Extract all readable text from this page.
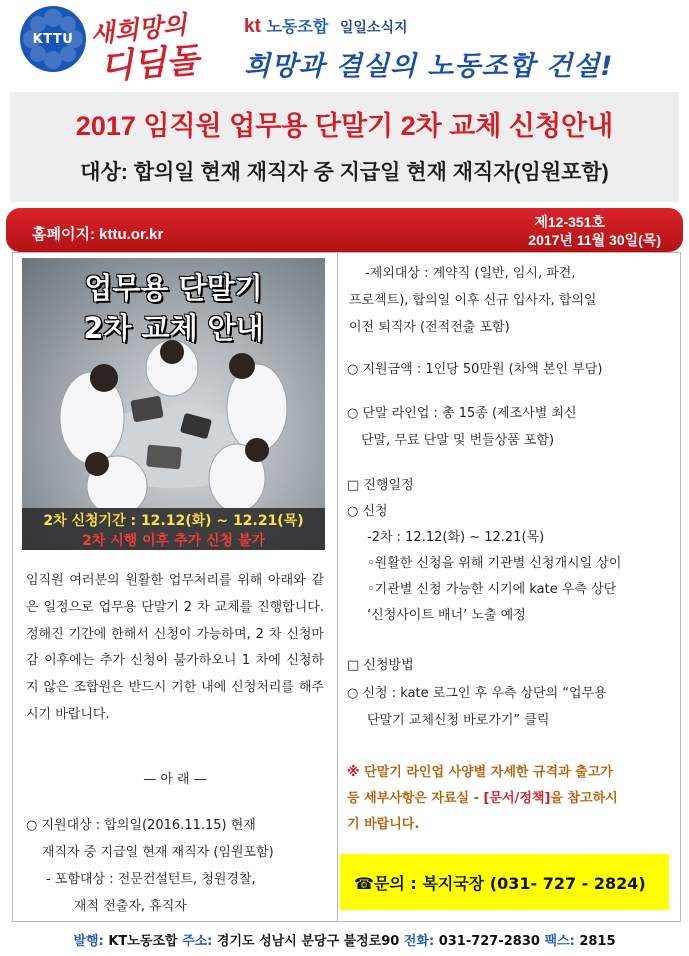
KTTU 새희망의
디딤돌
kt 노동조합 일일소식지
희망과 결실의 노동조합 건설!
2017 임직원 업무용 단말기 2차 교체 신청안내
대상: 합의일 현재 재직자 중 지급일 현재 재직자(임원포함)
홈페이지: kttu.or.kr
제12-351호
2017년 11월 30일(목)
업무용 단말기
2차 교체 안내
2차 신청기간 : 12.12(화) ~ 12.21(목)
2차 시행 이후 추가 신청 불가
임직원 여러분의 원활한 업무처리를 위해 아래와 같은 일정으로 업무용 단말기 2 차 교체를 진행합니다. 정해진 기간에 한해서 신청이 가능하며, 2 차 신청마감 이후에는 추가 신청이 불가하오니 1 차에 신청하지 않은 조합원은 반드시 기한 내에 신청처리를 해주시기 바랍니다.
— 아 래 —
○ 지원대상 : 합의일(2016.11.15) 현재
재직자 중 지급일 현재 재직자 (임원포함)
- 포함대상 : 전문컨설턴트, 청원경찰,
재적 전출자, 휴직자
-제외대상 : 계약직 (일반, 임시, 파견,
프로젝트), 합의일 이후 신규 입사자, 합의일
이전 퇴직자 (전적전출 포함)
○ 지원금액 : 1인당 50만원 (차액 본인 부담)
○ 단말 라인업 : 총 15종 (제조사별 최신
단말, 무료 단말 및 번들상품 포함)
□ 진행일정
○ 신청
-2차 : 12.12(화) ~ 12.21(목)
◦원활한 신청을 위해 기관별 신청개시일 상이
◦기관별 신청 가능한 시기에 kate 우측 상단
‘신청사이트 배너’ 노출 예정
□ 신청방법
○ 신청 : kate 로그인 후 우측 상단의 “업무용
단말기 교체신청 바로가기” 클릭
※ 단말기 라인업 사양별 자세한 규격과 출고가
등 세부사항은 자료실 - [문서/정책]을 참고하시
기 바랍니다.
☎문의 : 복지국장 (031- 727 - 2824)
발행: KT노동조합 주소: 경기도 성남시 분당구 불정로90 전화: 031-727-2830 팩스: 2815
